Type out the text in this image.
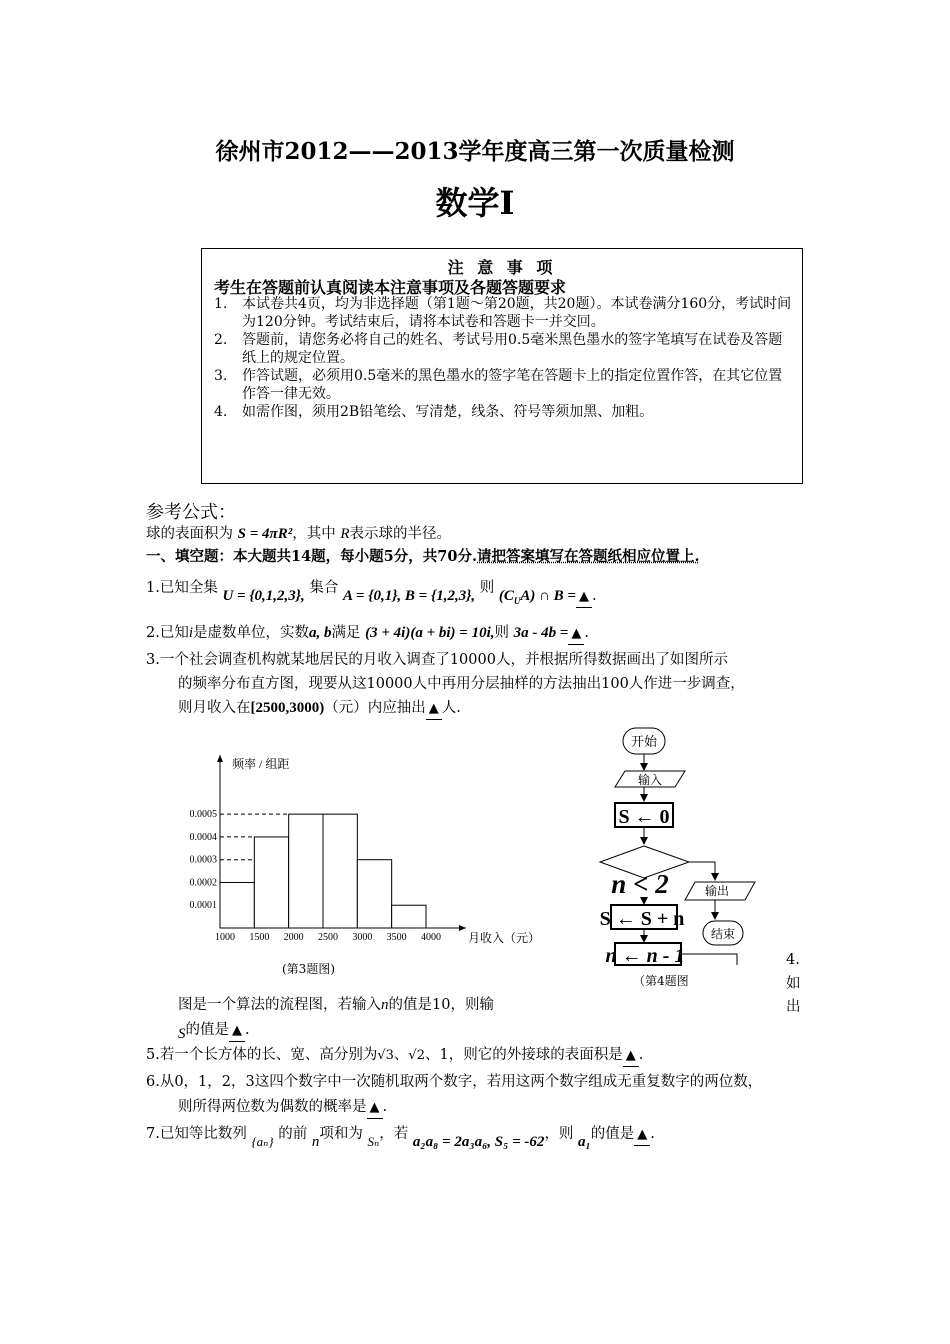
徐州市2012——2013学年度高三第一次质量检测
数学Ⅰ
注 意 事 项
考生在答题前认真阅读本注意事项及各题答题要求
1. 本试卷共4页，均为非选择题（第1题～第20题，共20题）。本试卷满分160分，考试时间为120分钟。考试结束后，请将本试卷和答题卡一并交回。
2. 答题前，请您务必将自己的姓名、考试号用0.5毫米黑色墨水的签字笔填写在试卷及答题纸上的规定位置。
3. 作答试题，必须用0.5毫米的黑色墨水的签字笔在答题卡上的指定位置作答，在其它位置作答一律无效。
4. 如需作图，须用2B铅笔绘、写清楚，线条、符号等须加黑、加粗。
参考公式：
球的表面积为 S = 4πR²，其中 R表示球的半径。
一、填空题：本大题共14题，每小题5分，共70分.请把答案填写在答题纸相应位置上.
1.已知全集 U = {0,1,2,3}, 集合 A = {0,1}, B = {1,2,3}, 则 $(C_UA)$ ∩ B = ▲ .
2.已知i是虚数单位，实数a, b满足 (3 + 4i)(a + bi) = 10i,则 3a - 4b = ▲ .
3.一个社会调查机构就某地居民的月收入调查了10000人，并根据所得数据画出了如图所示
的频率分布直方图，现要从这10000人中再用分层抽样的方法抽出100人作进一步调查，
则月收入在[2500,3000)（元）内应抽出 ▲ 人.
频率 / 组距
月收入（元）
0.0005
0.0004
0.0003
0.0002
0.0001
1000 1500 2000 2500 3000 3500 4000
(第3题图)
开始
输入
S ← 0
n < 2	输出
结束
S ← S + n
n ← n - 1
（第4题图
4.
如
出
图是一个算法的流程图，若输入n的值是10，则输
S的值是 ▲ .
5.若一个长方体的长、宽、高分别为√3、√2、1，则它的外接球的表面积是 ▲ .
6.从0，1，2，3这四个数字中一次随机取两个数字，若用这两个数字组成无重复数字的两位数，
则所得两位数为偶数的概率是 ▲ .
7.已知等比数列 {aₙ} 的前 n项和为 Sₙ，若 a₂a₈ = 2a₃a₆, S₅ = -62，则 a₁的值是 ▲ .
